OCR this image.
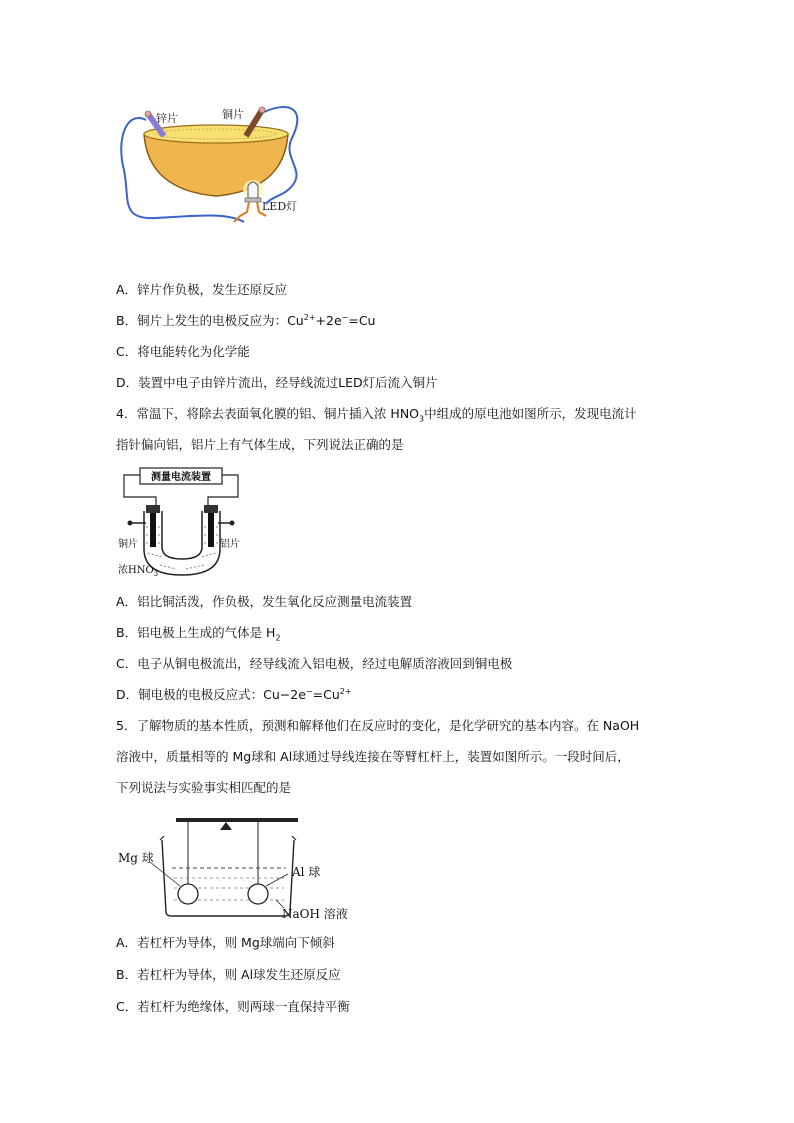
锌片	铜片
LED灯
A．锌片作负极，发生还原反应
B．铜片上发生的电极反应为：$Cu^{2+}+2e^-=Cu$
C．将电能转化为化学能
D．装置中电子由锌片流出，经导线流过LED灯后流入铜片
4．常温下，将除去表面氧化膜的铝、铜片插入浓 $HNO_3$中组成的原电池如图所示，发现电流计
指针偏向铝，铝片上有气体生成，下列说法正确的是
测量电流装置
铜片	铝片
浓$HNO_3$
A．铝比铜活泼，作负极，发生氧化反应测量电流装置
B．铝电极上生成的气体是 $H_2$
C．电子从铜电极流出，经导线流入铝电极，经过电解质溶液回到铜电极
D．铜电极的电极反应式：$Cu-2e^-=Cu^{2+}$
5．了解物质的基本性质，预测和解释他们在反应时的变化，是化学研究的基本内容。在 NaOH
溶液中，质量相等的 Mg球和 Al球通过导线连接在等臂杠杆上，装置如图所示。一段时间后，
下列说法与实验事实相匹配的是
Mg 球
Al 球
NaOH 溶液
A．若杠杆为导体，则 Mg球端向下倾斜
B．若杠杆为导体，则 Al球发生还原反应
C．若杠杆为绝缘体，则两球一直保持平衡
